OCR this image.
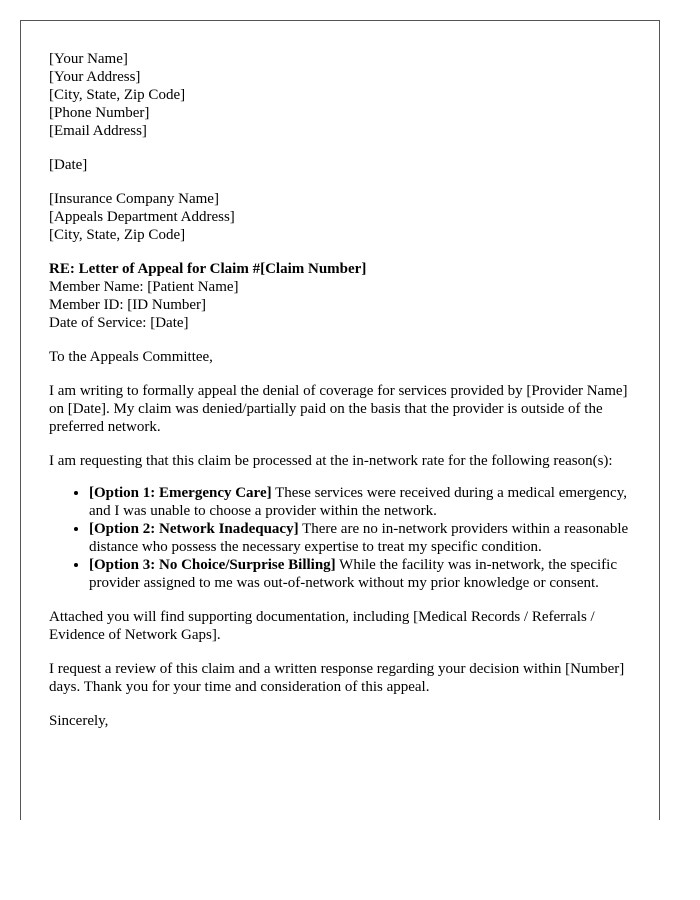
[Your Name]
[Your Address]
[City, State, Zip Code]
[Phone Number]
[Email Address]
[Date]
[Insurance Company Name]
[Appeals Department Address]
[City, State, Zip Code]
RE: Letter of Appeal for Claim #[Claim Number]
Member Name: [Patient Name]
Member ID: [ID Number]
Date of Service: [Date]

To the Appeals Committee,

I am writing to formally appeal the denial of coverage for services provided by [Provider Name] on [Date]. My claim was denied/partially paid on the basis that the provider is outside of the preferred network.

I am requesting that this claim be processed at the in-network rate for the following reason(s):

• [Option 1: Emergency Care] These services were received during a medical emergency, and I was unable to choose a provider within the network.
• [Option 2: Network Inadequacy] There are no in-network providers within a reasonable distance who possess the necessary expertise to treat my specific condition.
• [Option 3: No Choice/Surprise Billing] While the facility was in-network, the specific provider assigned to me was out-of-network without my prior knowledge or consent.

Attached you will find supporting documentation, including [Medical Records / Referrals / Evidence of Network Gaps].

I request a review of this claim and a written response regarding your decision within [Number] days. Thank you for your time and consideration of this appeal.

Sincerely,
